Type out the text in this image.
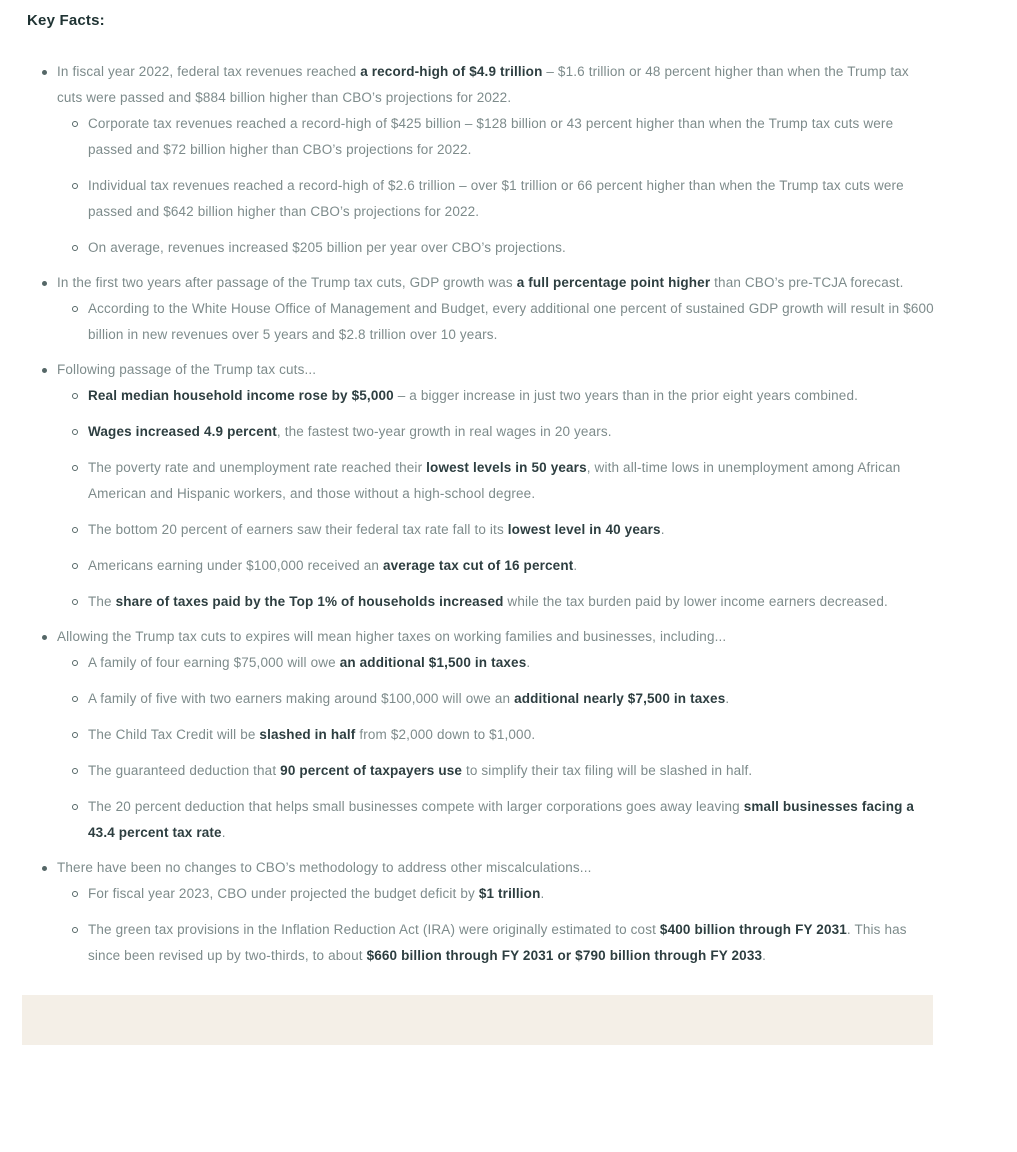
Key Facts:
In fiscal year 2022, federal tax revenues reached a record-high of $4.9 trillion – $1.6 trillion or 48 percent higher than when the Trump tax cuts were passed and $884 billion higher than CBO’s projections for 2022.
Corporate tax revenues reached a record-high of $425 billion – $128 billion or 43 percent higher than when the Trump tax cuts were passed and $72 billion higher than CBO’s projections for 2022.
Individual tax revenues reached a record-high of $2.6 trillion – over $1 trillion or 66 percent higher than when the Trump tax cuts were passed and $642 billion higher than CBO’s projections for 2022.
On average, revenues increased $205 billion per year over CBO’s projections.
In the first two years after passage of the Trump tax cuts, GDP growth was a full percentage point higher than CBO’s pre-TCJA forecast.
According to the White House Office of Management and Budget, every additional one percent of sustained GDP growth will result in $600 billion in new revenues over 5 years and $2.8 trillion over 10 years.
Following passage of the Trump tax cuts...
Real median household income rose by $5,000 – a bigger increase in just two years than in the prior eight years combined.
Wages increased 4.9 percent, the fastest two-year growth in real wages in 20 years.
The poverty rate and unemployment rate reached their lowest levels in 50 years, with all-time lows in unemployment among African American and Hispanic workers, and those without a high-school degree.
The bottom 20 percent of earners saw their federal tax rate fall to its lowest level in 40 years.
Americans earning under $100,000 received an average tax cut of 16 percent.
The share of taxes paid by the Top 1% of households increased while the tax burden paid by lower income earners decreased.
Allowing the Trump tax cuts to expires will mean higher taxes on working families and businesses, including...
A family of four earning $75,000 will owe an additional $1,500 in taxes.
A family of five with two earners making around $100,000 will owe an additional nearly $7,500 in taxes.
The Child Tax Credit will be slashed in half from $2,000 down to $1,000.
The guaranteed deduction that 90 percent of taxpayers use to simplify their tax filing will be slashed in half.
The 20 percent deduction that helps small businesses compete with larger corporations goes away leaving small businesses facing a 43.4 percent tax rate.
There have been no changes to CBO’s methodology to address other miscalculations...
For fiscal year 2023, CBO under projected the budget deficit by $1 trillion.
The green tax provisions in the Inflation Reduction Act (IRA) were originally estimated to cost $400 billion through FY 2031. This has since been revised up by two-thirds, to about $660 billion through FY 2031 or $790 billion through FY 2033.
